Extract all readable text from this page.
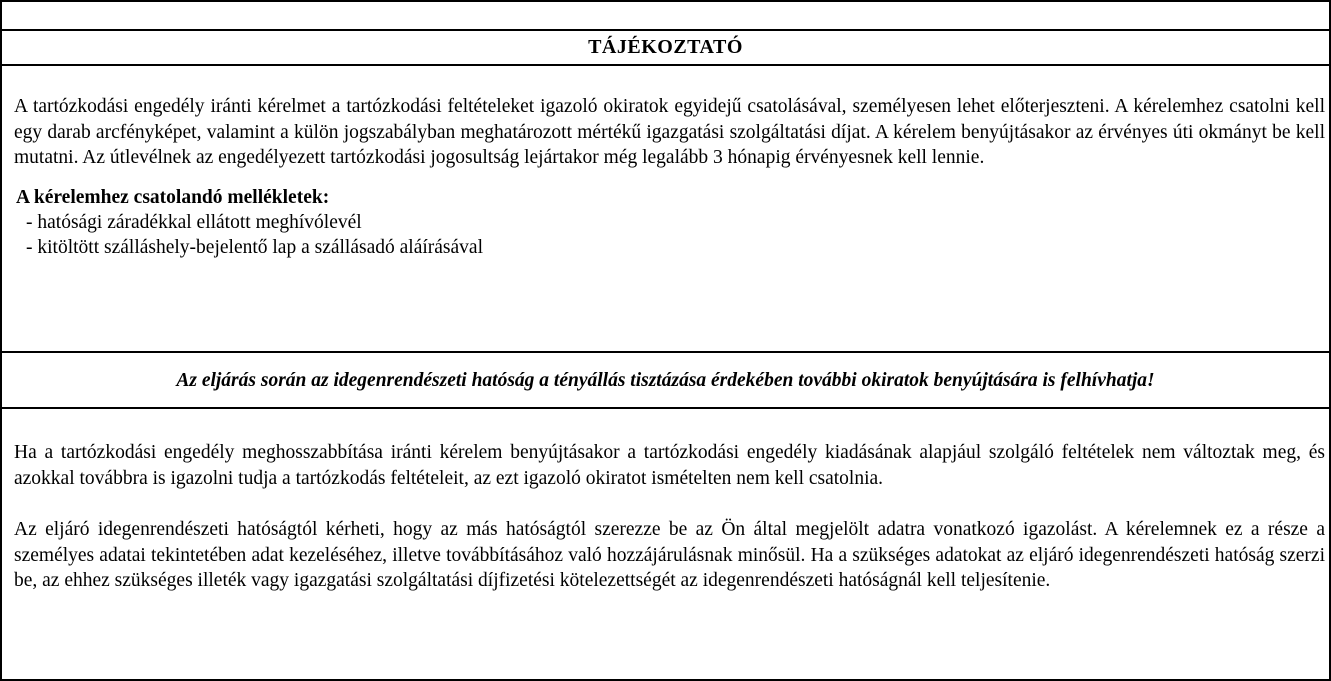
TÁJÉKOZTATÓ

A tartózkodási engedély iránti kérelmet a tartózkodási feltételeket igazoló okiratok egyidejű csatolásával, személyesen lehet előterjeszteni. A kérelemhez csatolni kell egy darab arcfényképet, valamint a külön jogszabályban meghatározott mértékű igazgatási szolgáltatási díjat. A kérelem benyújtásakor az érvényes úti okmányt be kell mutatni. Az útlevélnek az engedélyezett tartózkodási jogosultság lejártakor még legalább 3 hónapig érvényesnek kell lennie.

A kérelemhez csatolandó mellékletek:
- hatósági záradékkal ellátott meghívólevél
- kitöltött szálláshely-bejelentő lap a szállásadó aláírásával
Az eljárás során az idegenrendészeti hatóság a tényállás tisztázása érdekében további okiratok benyújtására is felhívhatja!

Ha a tartózkodási engedély meghosszabbítása iránti kérelem benyújtásakor a tartózkodási engedély kiadásának alapjául szolgáló feltételek nem változtak meg, és azokkal továbbra is igazolni tudja a tartózkodás feltételeit, az ezt igazoló okiratot ismételten nem kell csatolnia.

Az eljáró idegenrendészeti hatóságtól kérheti, hogy az más hatóságtól szerezze be az Ön által megjelölt adatra vonatkozó igazolást. A kérelemnek ez a része a személyes adatai tekintetében adat kezeléséhez, illetve továbbításához való hozzájárulásnak minősül. Ha a szükséges adatokat az eljáró idegenrendészeti hatóság szerzi be, az ehhez szükséges illeték vagy igazgatási szolgáltatási díjfizetési kötelezettségét az idegenrendészeti hatóságnál kell teljesítenie.
